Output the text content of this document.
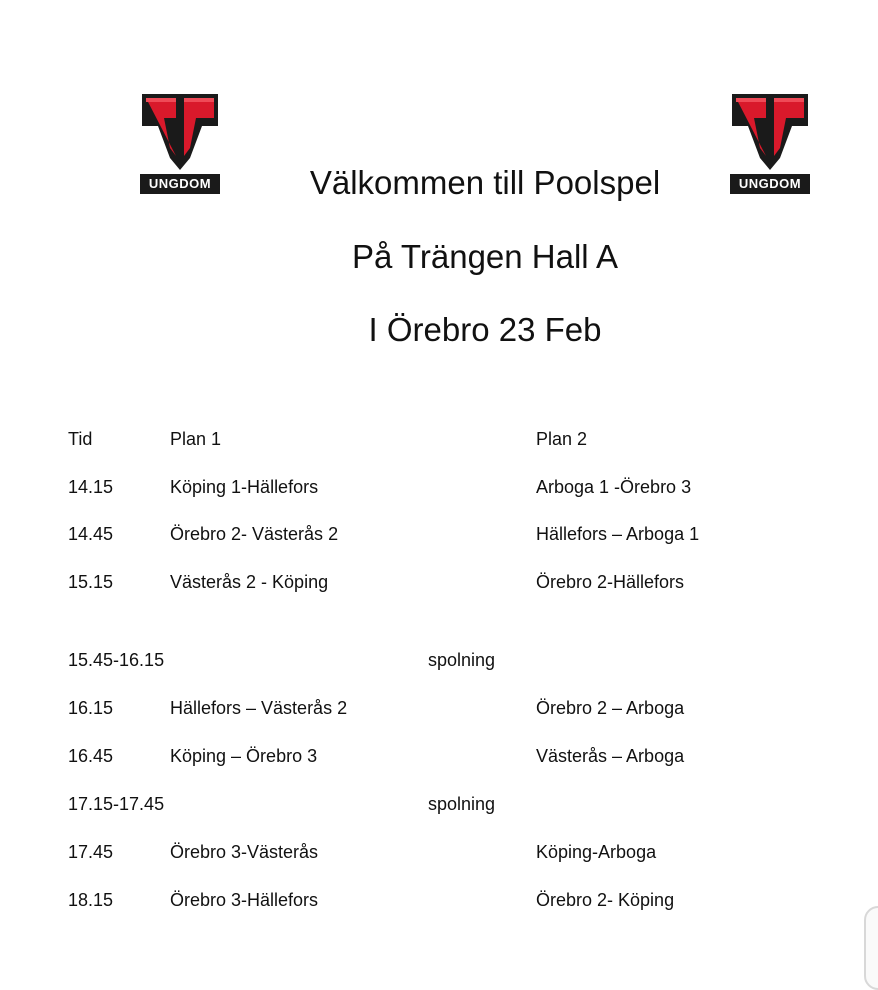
UNGDOM	UNGDOM
Välkommen till Poolspel
På Trängen Hall A
I Örebro 23 Feb
Tid	Plan 1	Plan 2
14.15	Köping 1-Hällefors	Arboga 1 -Örebro 3
14.45	Örebro 2- Västerås 2	Hällefors – Arboga 1
15.15	Västerås 2 - Köping	Örebro 2-Hällefors
15.45-16.15	spolning
16.15	Hällefors – Västerås 2	Örebro 2 – Arboga
16.45	Köping – Örebro 3	Västerås – Arboga
17.15-17.45	spolning
17.45	Örebro 3-Västerås	Köping-Arboga
18.15	Örebro 3-Hällefors	Örebro 2- Köping
